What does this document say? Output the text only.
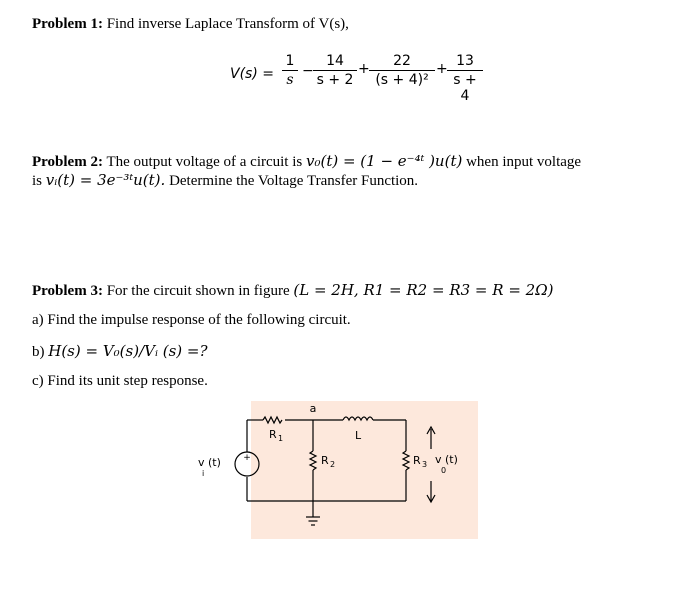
Problem 1: Find inverse Laplace Transform of V(s),
V(s) =
1
s
−
14
s + 2
+	22
(s + 4)²
+ 13
s + 4
Problem 2: The output voltage of a circuit is v₀(t) = (1 − e⁻⁴ᵗ )u(t) when input voltage
is vᵢ(t) = 3e⁻³ᵗu(t). Determine the Voltage Transfer Function.
Problem 3: For the circuit shown in figure (L = 2H, R1 = R2 = R3 = R = 2Ω)
a) Find the impulse response of the following circuit.
b) H(s) = V₀(s)/Vᵢ (s) =?
c) Find its unit step response.
a
R 1
R 2
L
R 3 v (t)
0
+
v (t)
i
